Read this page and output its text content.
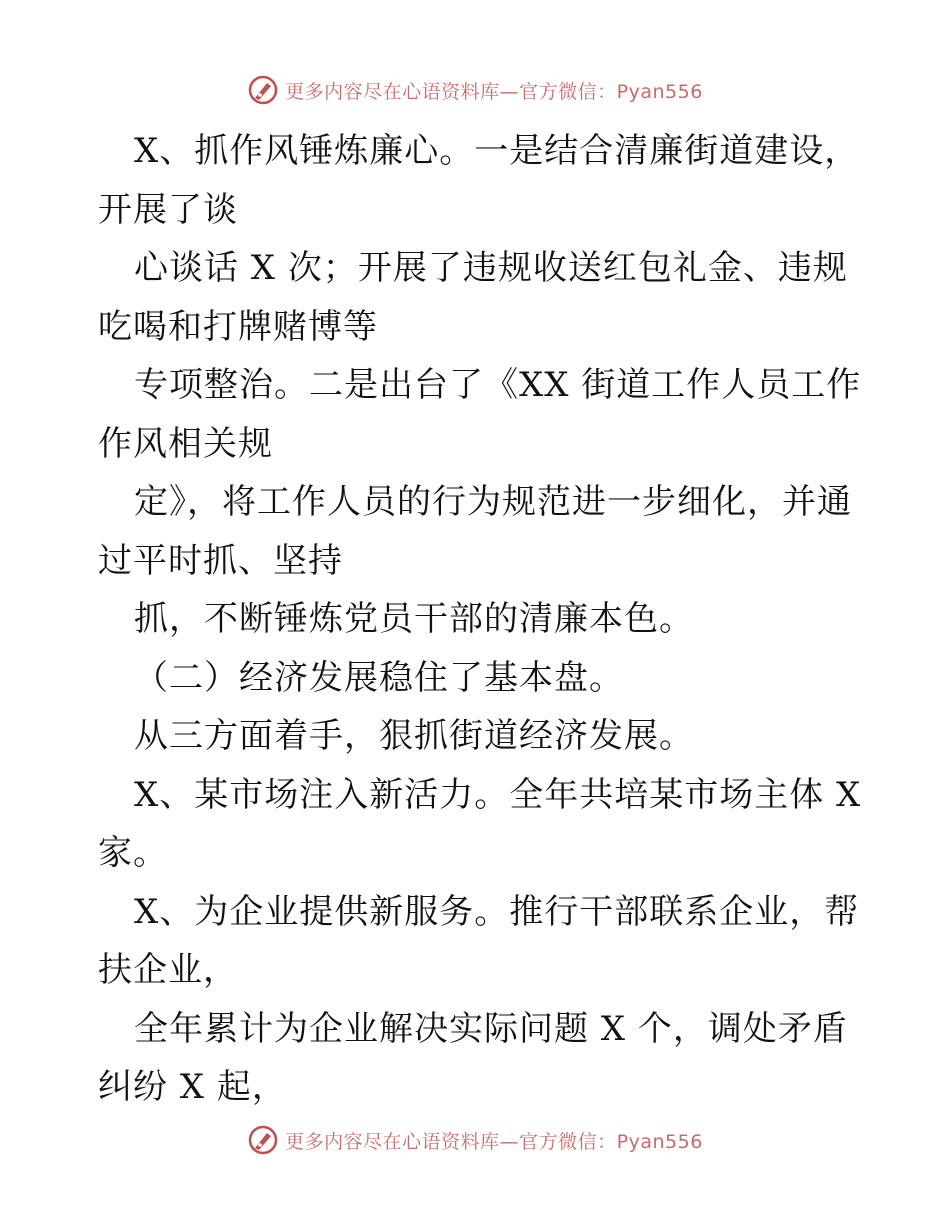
更多内容尽在心语资料库—官方微信：Pyan556
X、抓作风锤炼廉心。一是结合清廉街道建设，
开展了谈
心谈话 X 次；开展了违规收送红包礼金、违规
吃喝和打牌赌博等
专项整治。二是出台了《XX 街道工作人员工作
作风相关规
定》，将工作人员的行为规范进一步细化，并通
过平时抓、坚持
抓，不断锤炼党员干部的清廉本色。
（二）经济发展稳住了基本盘。
从三方面着手，狠抓街道经济发展。
X、某市场注入新活力。全年共培某市场主体 X
家。
X、为企业提供新服务。推行干部联系企业，帮
扶企业，
全年累计为企业解决实际问题 X 个，调处矛盾
纠纷 X 起，
更多内容尽在心语资料库—官方微信：Pyan556
